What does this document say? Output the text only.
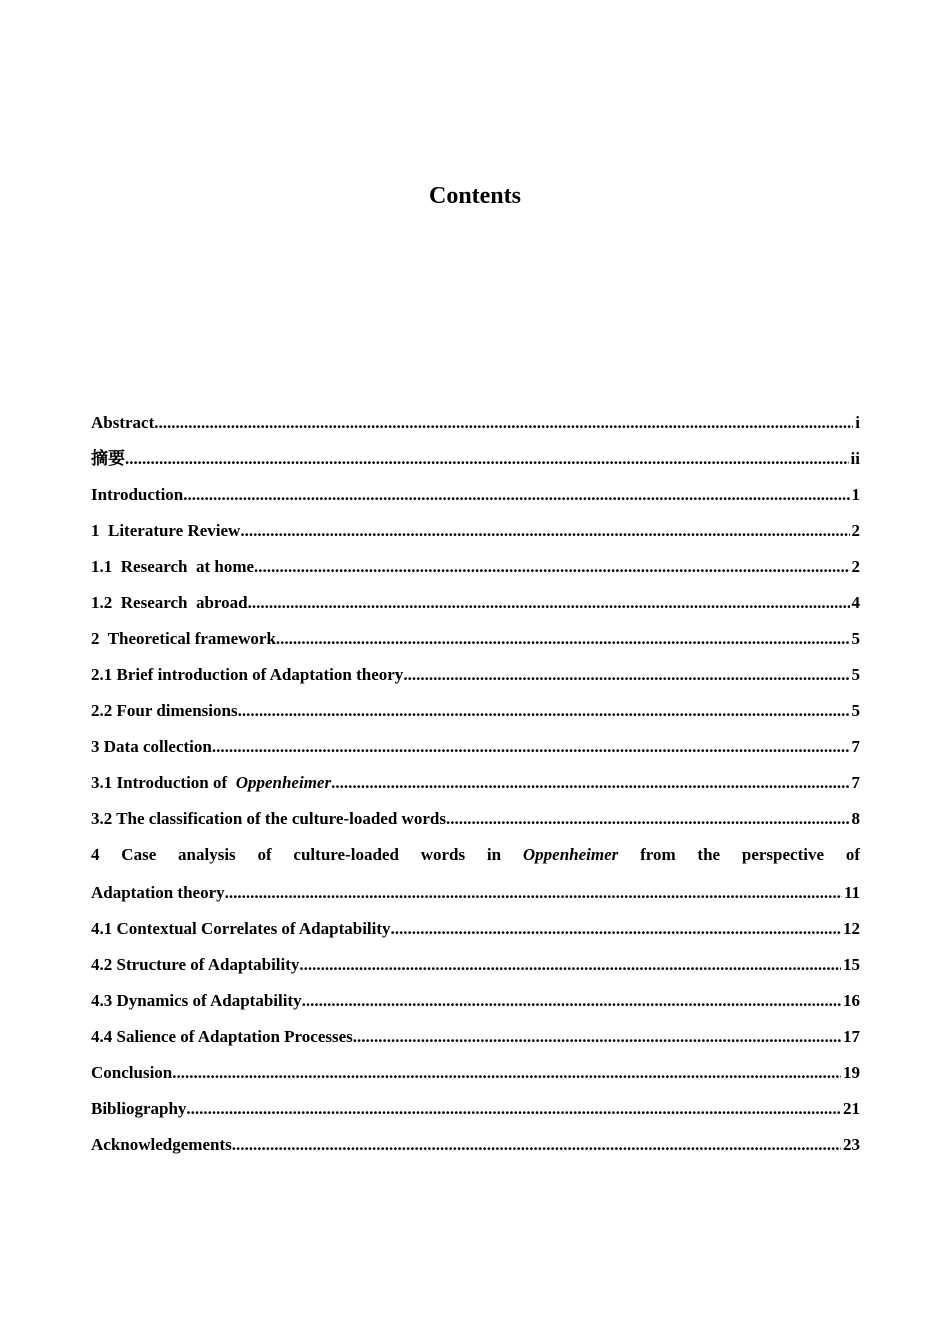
Contents
Abstract .....	i
摘要 .....	ii
Introduction .....	1
1  Literature Review .....	2
1.1  Research  at home .....	2
1.2  Research  abroad .....	4
2  Theoretical framework .....	5
2.1 Brief introduction of Adaptation theory .....	5
2.2 Four dimensions .....	5
3 Data collection .....	7
3.1 Introduction of  Oppenheimer .....	7
3.2 The classification of the culture-loaded words .....	8
4 Case analysis of culture-loaded words in Oppenheimer from the perspective of
Adaptation theory .....	11
4.1 Contextual Correlates of Adaptability .....	12
4.2 Structure of Adaptability .....	15
4.3 Dynamics of Adaptability .....	16
4.4 Salience of Adaptation Processes .....	17
Conclusion .....	19
Bibliography .....	21
Acknowledgements .....	23
